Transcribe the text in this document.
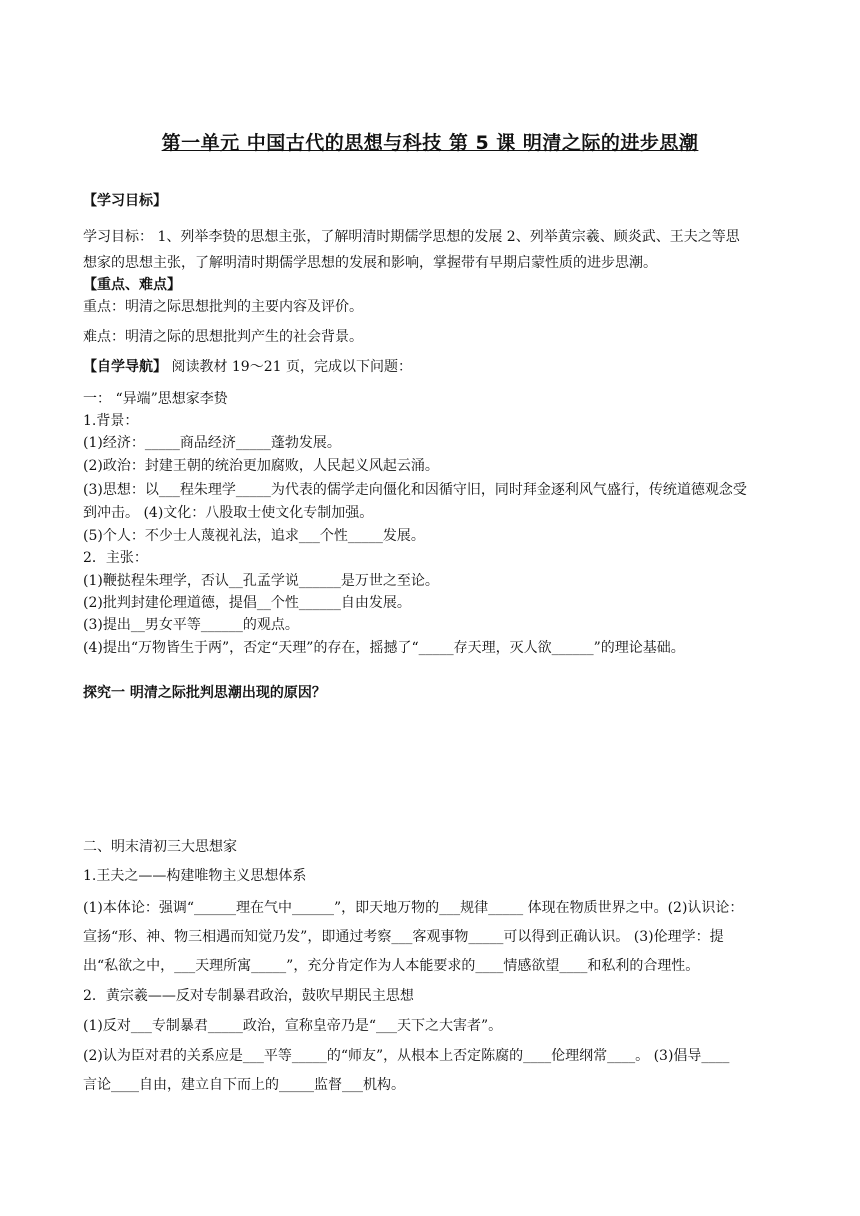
第一单元 中国古代的思想与科技 第 5 课 明清之际的进步思潮
【学习目标】
学习目标： 1、列举李贽的思想主张，了解明清时期儒学思想的发展 2、列举黄宗羲、顾炎武、王夫之等思
想家的思想主张，了解明清时期儒学思想的发展和影响，掌握带有早期启蒙性质的进步思潮。
【重点、难点】
重点：明清之际思想批判的主要内容及评价。
难点：明清之际的思想批判产生的社会背景。
【自学导航】 阅读教材 19～21 页，完成以下问题：
一： “异端”思想家李贽
1.背景：
(1)经济：_____商品经济_____蓬勃发展。
(2)政治：封建王朝的统治更加腐败，人民起义风起云涌。
(3)思想：以___程朱理学_____为代表的儒学走向僵化和因循守旧，同时拜金逐利风气盛行，传统道德观念受
到冲击。 (4)文化：八股取士使文化专制加强。
(5)个人：不少士人蔑视礼法，追求___个性_____发展。
2．主张：
(1)鞭挞程朱理学，否认__孔孟学说______是万世之至论。
(2)批判封建伦理道德，提倡__个性______自由发展。
(3)提出__男女平等______的观点。
(4)提出“万物皆生于两”，否定“天理”的存在，摇撼了“_____存天理，灭人欲______”的理论基础。
探究一 明清之际批判思潮出现的原因？
二、明末清初三大思想家
1.王夫之——构建唯物主义思想体系
(1)本体论：强调“______理在气中______”，即天地万物的___规律_____ 体现在物质世界之中。(2)认识论：
宣扬“形、神、物三相遇而知觉乃发”，即通过考察___客观事物_____可以得到正确认识。 (3)伦理学：提
出“私欲之中，___天理所寓_____”，充分肯定作为人本能要求的____情感欲望____和私利的合理性。
2．黄宗羲——反对专制暴君政治，鼓吹早期民主思想
(1)反对___专制暴君_____政治，宣称皇帝乃是“___天下之大害者”。
(2)认为臣对君的关系应是___平等_____的“师友”，从根本上否定陈腐的____伦理纲常____。 (3)倡导____
言论____自由，建立自下而上的_____监督___机构。
